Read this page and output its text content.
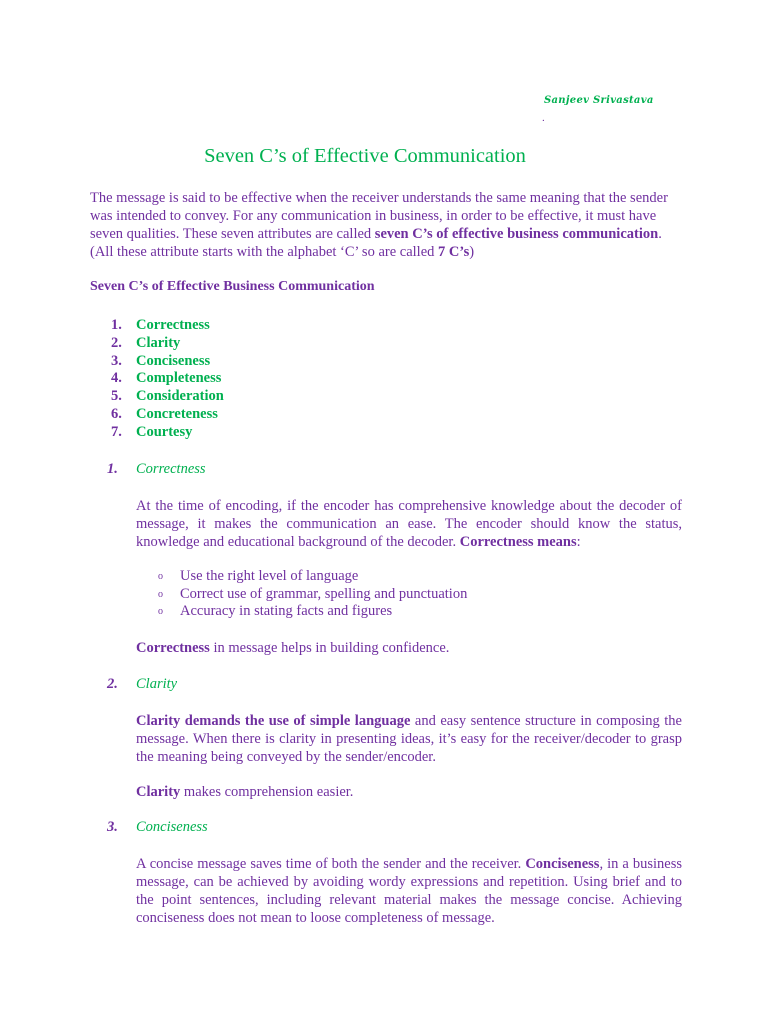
Sanjeev Srivastava
.
Seven C’s of Effective Communication

The message is said to be effective when the receiver understands the same meaning that the sender was intended to convey. For any communication in business, in order to be effective, it must have seven qualities. These seven attributes are called seven C’s of effective business communication. (All these attribute starts with the alphabet ‘C’ so are called 7 C’s)

Seven C’s of Effective Business Communication
1. Correctness
2. Clarity
3. Conciseness
4. Completeness
5. Consideration
6. Concreteness
7. Courtesy
1. Correctness

At the time of encoding, if the encoder has comprehensive knowledge about the decoder of message, it makes the communication an ease. The encoder should know the status, knowledge and educational background of the decoder. Correctness means:

o Use the right level of language
o Correct use of grammar, spelling and punctuation
o Accuracy in stating facts and figures

Correctness in message helps in building confidence.

2. Clarity

Clarity demands the use of simple language and easy sentence structure in composing the message. When there is clarity in presenting ideas, it’s easy for the receiver/decoder to grasp the meaning being conveyed by the sender/encoder.

Clarity makes comprehension easier.

3. Conciseness

A concise message saves time of both the sender and the receiver. Conciseness, in a business message, can be achieved by avoiding wordy expressions and repetition. Using brief and to the point sentences, including relevant material makes the message concise. Achieving conciseness does not mean to loose completeness of message.
